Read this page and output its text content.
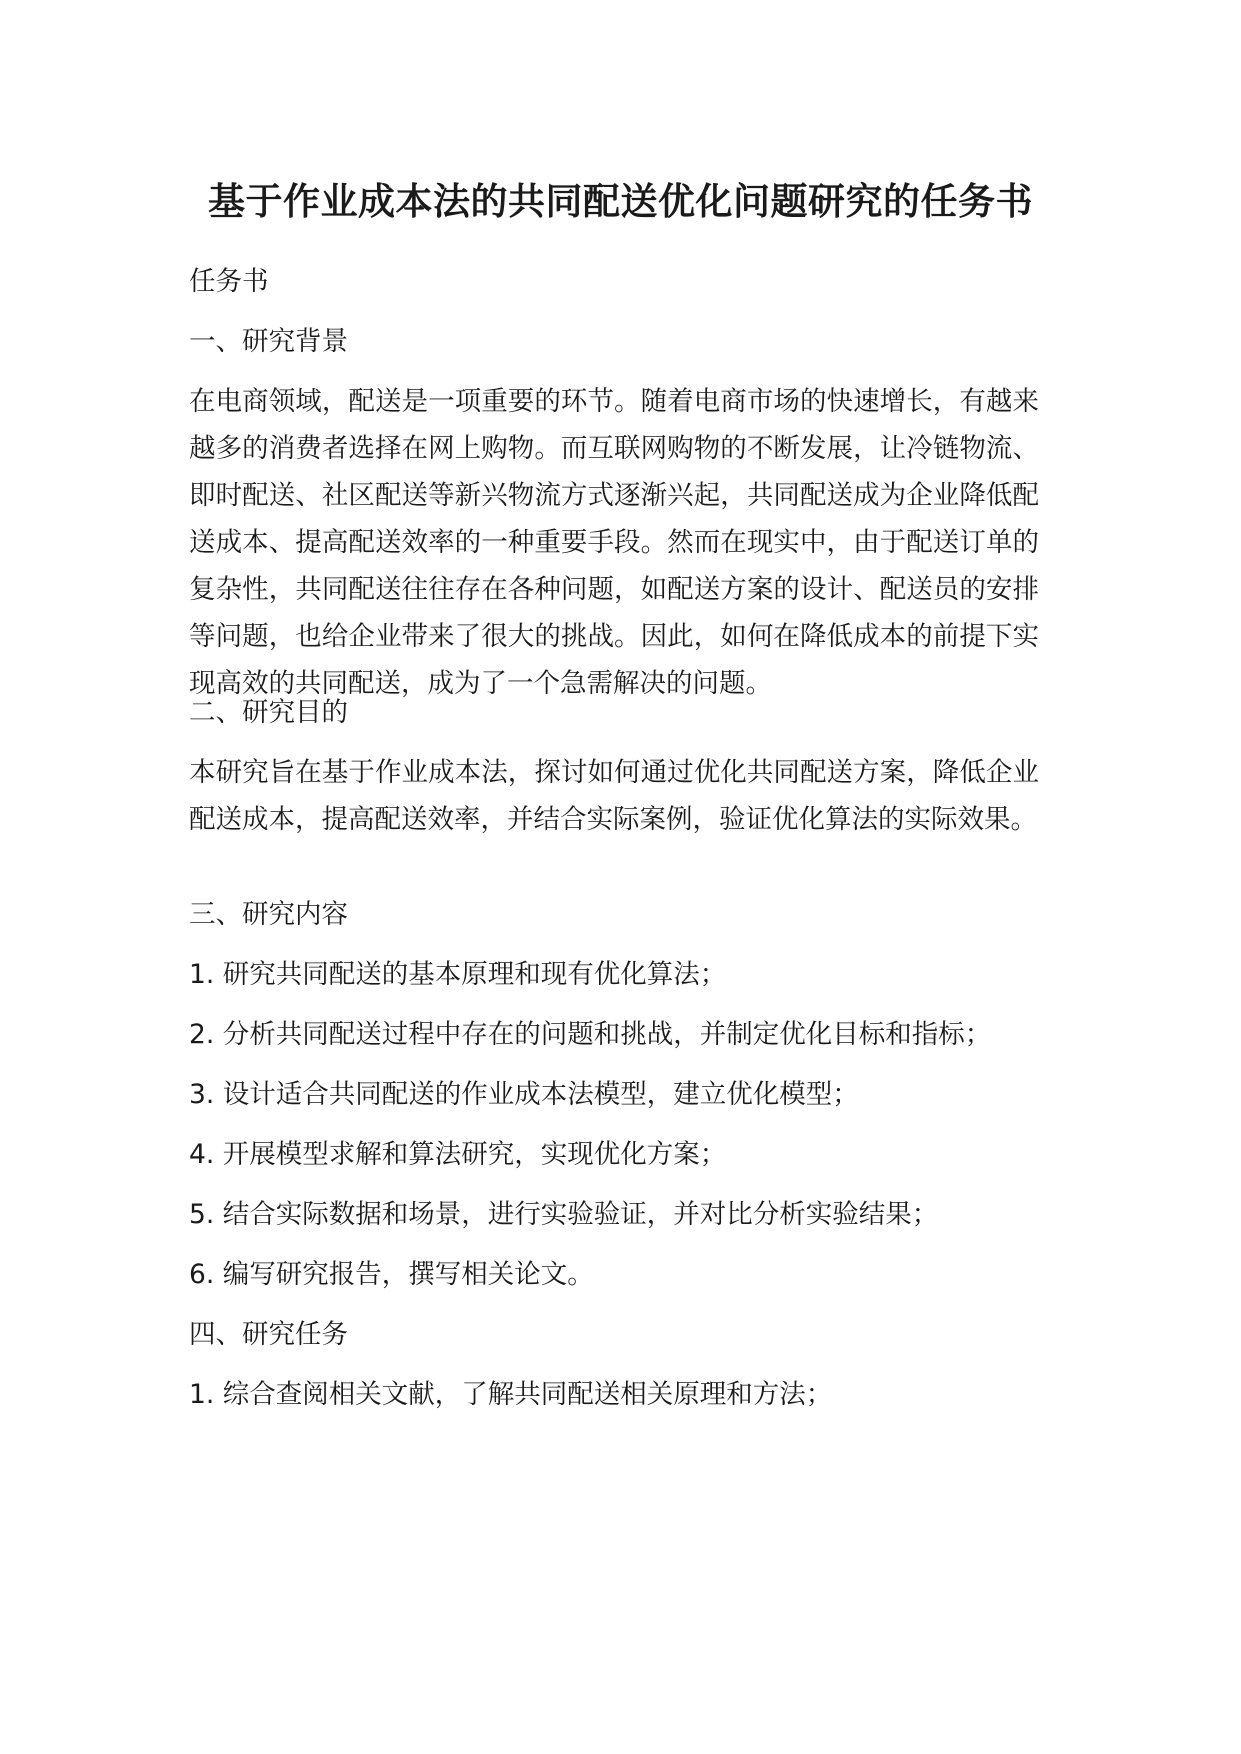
基于作业成本法的共同配送优化问题研究的任务书

任务书

一、研究背景

在电商领域，配送是一项重要的环节。随着电商市场的快速增长，有越来越多的消费者选择在网上购物。而互联网购物的不断发展，让冷链物流、即时配送、社区配送等新兴物流方式逐渐兴起，共同配送成为企业降低配送成本、提高配送效率的一种重要手段。然而在现实中，由于配送订单的复杂性，共同配送往往存在各种问题，如配送方案的设计、配送员的安排等问题，也给企业带来了很大的挑战。因此，如何在降低成本的前提下实现高效的共同配送，成为了一个急需解决的问题。

二、研究目的

本研究旨在基于作业成本法，探讨如何通过优化共同配送方案，降低企业配送成本，提高配送效率，并结合实际案例，验证优化算法的实际效果。

三、研究内容

1. 研究共同配送的基本原理和现有优化算法；

2. 分析共同配送过程中存在的问题和挑战，并制定优化目标和指标；

3. 设计适合共同配送的作业成本法模型，建立优化模型；

4. 开展模型求解和算法研究，实现优化方案；

5. 结合实际数据和场景，进行实验验证，并对比分析实验结果；

6. 编写研究报告，撰写相关论文。

四、研究任务

1. 综合查阅相关文献，了解共同配送相关原理和方法；
